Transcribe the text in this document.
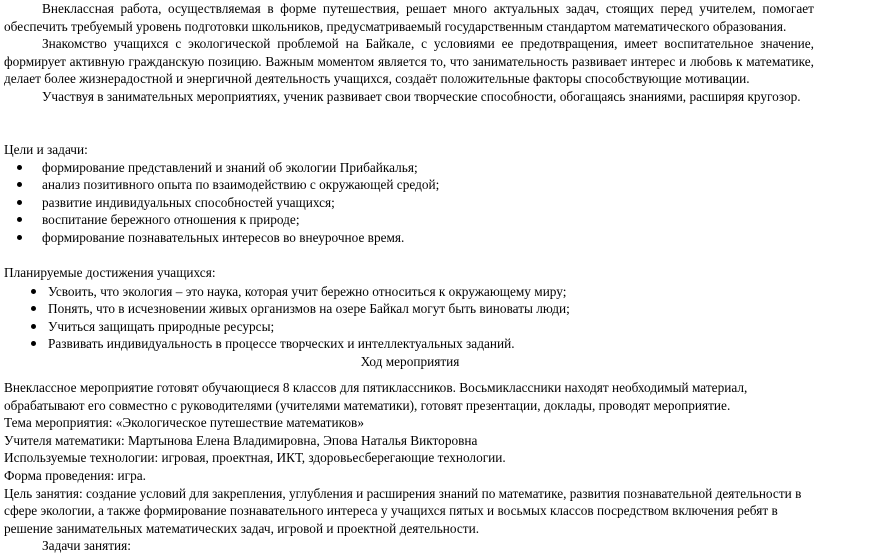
Внеклассная работа, осуществляемая в форме путешествия, решает много актуальных задач, стоящих перед учителем, помогает обеспечить требуемый уровень подготовки школьников, предусматриваемый государственным стандартом математического образования.

Знакомство учащихся с экологической проблемой на Байкале, с условиями ее предотвращения, имеет воспитательное значение, формирует активную гражданскую позицию. Важным моментом является то, что занимательность развивает интерес и любовь к математике, делает более жизнерадостной и энергичной деятельность учащихся, создаёт положительные факторы способствующие мотивации.

Участвуя в занимательных мероприятиях, ученик развивает свои творческие способности, обогащаясь знаниями, расширяя кругозор.

Цели и задачи:

формирование представлений и знаний об экологии Прибайкалья;
анализ позитивного опыта по взаимодействию с окружающей средой;
развитие индивидуальных способностей учащихся;
воспитание бережного отношения к природе;
формирование познавательных интересов во внеурочное время.

Планируемые достижения учащихся:

Усвоить, что экология – это наука, которая учит бережно относиться к окружающему миру;
Понять, что в исчезновении живых организмов на озере Байкал могут быть виноваты люди;
Учиться защищать природные ресурсы;
Развивать индивидуальность в процессе творческих и интеллектуальных заданий.

Ход мероприятия

Внеклассное мероприятие готовят обучающиеся 8 классов для пятиклассников. Восьмиклассники находят необходимый материал,
обрабатывают его совместно с руководителями (учителями математики), готовят презентации, доклады, проводят мероприятие.
Тема мероприятия: «Экологическое путешествие математиков»
Учителя математики: Мартынова Елена Владимировна, Эпова Наталья Викторовна
Используемые технологии: игровая, проектная, ИКТ, здоровьесберегающие технологии.
Форма проведения: игра.
Цель занятия: создание условий для закрепления, углубления и расширения знаний по математике, развития познавательной деятельности в
сфере экологии, а также формирование познавательного интереса у учащихся пятых и восьмых классов посредством включения ребят в
решение занимательных математических задач, игровой и проектной деятельности.
Задачи занятия:
